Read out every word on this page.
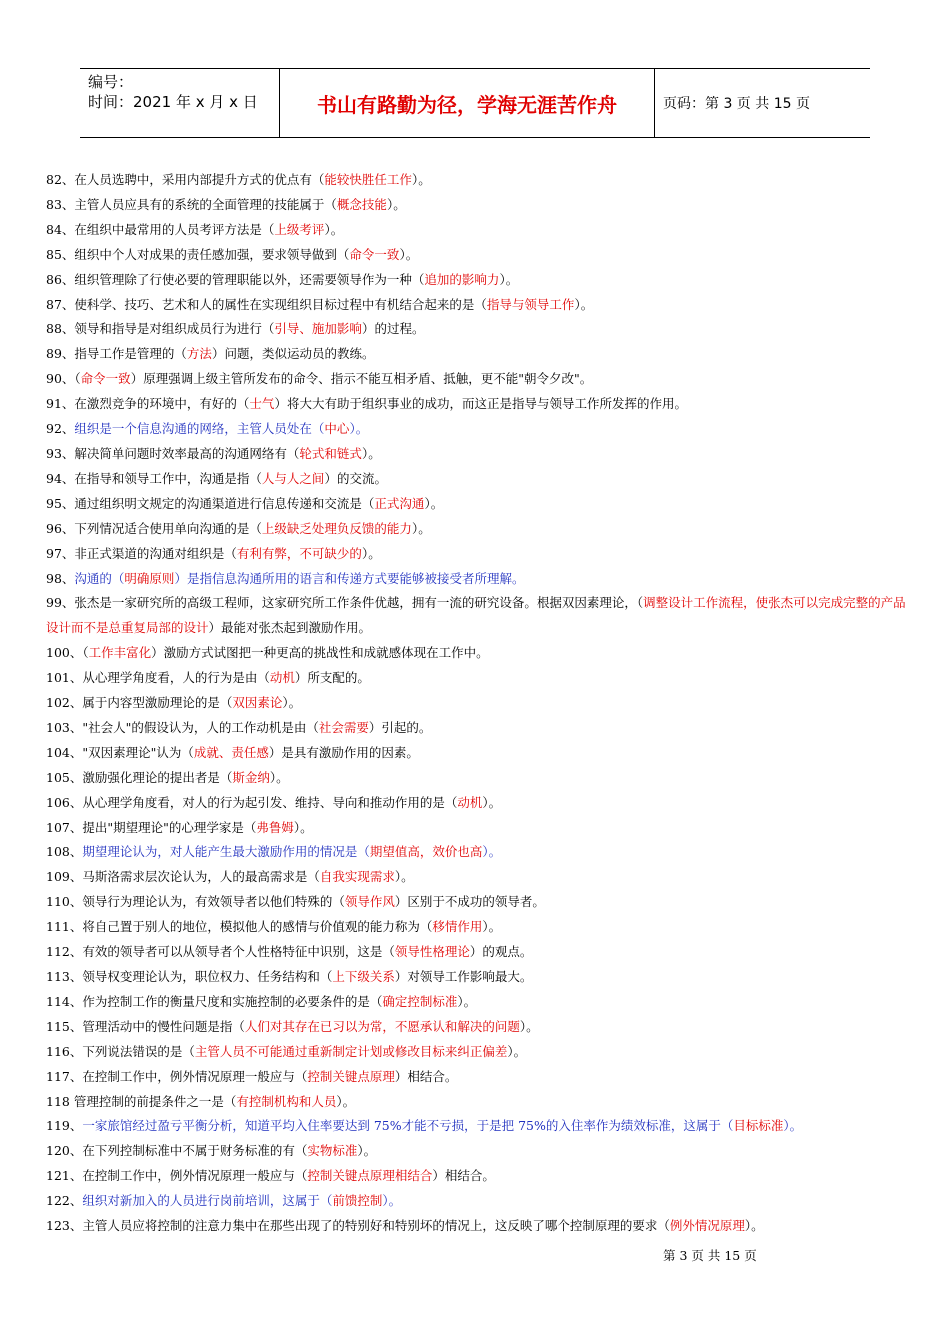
编号：
时间：2021 年 x 月 x 日	书山有路勤为径，学海无涯苦作舟	页码：第 3 页 共 15 页
82、在人员选聘中，采用内部提升方式的优点有（能较快胜任工作）。
83、主管人员应具有的系统的全面管理的技能属于（概念技能）。
84、在组织中最常用的人员考评方法是（上级考评）。
85、组织中个人对成果的责任感加强，要求领导做到（命令一致）。
86、组织管理除了行使必要的管理职能以外，还需要领导作为一种（追加的影响力）。
87、使科学、技巧、艺术和人的属性在实现组织目标过程中有机结合起来的是（指导与领导工作）。
88、领导和指导是对组织成员行为进行（引导、施加影响）的过程。
89、指导工作是管理的（方法）问题，类似运动员的教练。
90、（命令一致）原理强调上级主管所发布的命令、指示不能互相矛盾、抵触，更不能"朝令夕改"。
91、在激烈竞争的环境中，有好的（士气）将大大有助于组织事业的成功，而这正是指导与领导工作所发挥的作用。
92、组织是一个信息沟通的网络，主管人员处在（中心）。
93、解决简单问题时效率最高的沟通网络有（轮式和链式）。
94、在指导和领导工作中，沟通是指（人与人之间）的交流。
95、通过组织明文规定的沟通渠道进行信息传递和交流是（正式沟通）。
96、下列情况适合使用单向沟通的是（上级缺乏处理负反馈的能力）。
97、非正式渠道的沟通对组织是（有利有弊，不可缺少的）。
98、沟通的（明确原则）是指信息沟通所用的语言和传递方式要能够被接受者所理解。
99、张杰是一家研究所的高级工程师，这家研究所工作条件优越，拥有一流的研究设备。根据双因素理论，（调整设计工作流程，使张杰可以完成完整的产品设计而不是总重复局部的设计）最能对张杰起到激励作用。
100、（工作丰富化）激励方式试图把一种更高的挑战性和成就感体现在工作中。
101、从心理学角度看，人的行为是由（动机）所支配的。
102、属于内容型激励理论的是（双因素论）。
103、"社会人"的假设认为，人的工作动机是由（社会需要）引起的。
104、"双因素理论"认为（成就、责任感）是具有激励作用的因素。
105、激励强化理论的提出者是（斯金纳）。
106、从心理学角度看，对人的行为起引发、维持、导向和推动作用的是（动机）。
107、提出"期望理论"的心理学家是（弗鲁姆）。
108、期望理论认为，对人能产生最大激励作用的情况是（期望值高，效价也高）。
109、马斯洛需求层次论认为，人的最高需求是（自我实现需求）。
110、领导行为理论认为，有效领导者以他们特殊的（领导作风）区别于不成功的领导者。
111、将自己置于别人的地位，模拟他人的感情与价值观的能力称为（移情作用）。
112、有效的领导者可以从领导者个人性格特征中识别，这是（领导性格理论）的观点。
113、领导权变理论认为，职位权力、任务结构和（上下级关系）对领导工作影响最大。
114、作为控制工作的衡量尺度和实施控制的必要条件的是（确定控制标准）。
115、管理活动中的慢性问题是指（人们对其存在已习以为常，不愿承认和解决的问题）。
116、下列说法错误的是（主管人员不可能通过重新制定计划或修改目标来纠正偏差）。
117、在控制工作中，例外情况原理一般应与（控制关键点原理）相结合。
118 管理控制的前提条件之一是（有控制机构和人员）。
119、一家旅馆经过盈亏平衡分析，知道平均入住率要达到 75%才能不亏损，于是把 75%的入住率作为绩效标准，这属于（目标标准）。
120、在下列控制标准中不属于财务标准的有（实物标准）。
121、在控制工作中，例外情况原理一般应与（控制关键点原理相结合）相结合。
122、组织对新加入的人员进行岗前培训，这属于（前馈控制）。
123、主管人员应将控制的注意力集中在那些出现了的特别好和特别坏的情况上，这反映了哪个控制原理的要求（例外情况原理）。
第 3 页 共 15 页
